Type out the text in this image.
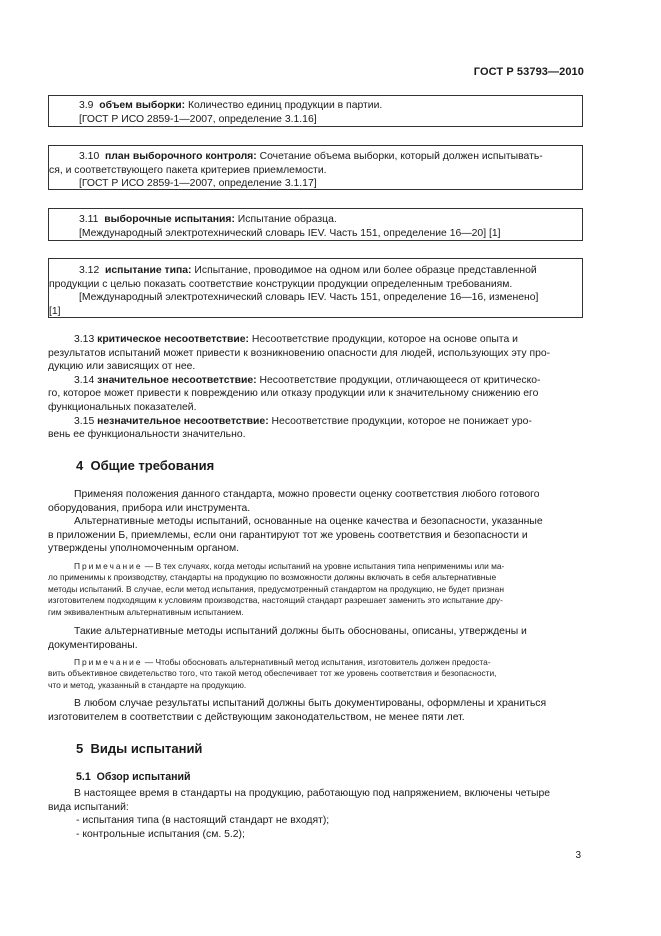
ГОСТ Р 53793—2010

3.9 объем выборки: Количество единиц продукции в партии.

[ГОСТ Р ИСО 2859-1—2007, определение 3.1.16]

3.10 план выборочного контроля: Сочетание объема выборки, который должен испытывать-

ся, и соответствующего пакета критериев приемлемости.

[ГОСТ Р ИСО 2859-1—2007, определение 3.1.17]

3.11 выборочные испытания: Испытание образца.

[Международный электротехнический словарь IEV. Часть 151, определение 16—20] [1]

3.12 испытание типа: Испытание, проводимое на одном или более образце представленной

продукции с целью показать соответствие конструкции продукции определенным требованиям.

[Международный электротехнический словарь IEV. Часть 151, определение 16—16, изменено]

[1]

3.13 критическое несоответствие: Несоответствие продукции, которое на основе опыта и

результатов испытаний может привести к возникновению опасности для людей, использующих эту про-

дукцию или зависящих от нее.

3.14 значительное несоответствие: Несоответствие продукции, отличающееся от критическо-

го, которое может привести к повреждению или отказу продукции или к значительному снижению его

функциональных показателей.

3.15 незначительное несоответствие: Несоответствие продукции, которое не понижает уро-

вень ее функциональности значительно.

4 Общие требования

Применяя положения данного стандарта, можно провести оценку соответствия любого готового

оборудования, прибора или инструмента.

Альтернативные методы испытаний, основанные на оценке качества и безопасности, указанные

в приложении Б, приемлемы, если они гарантируют тот же уровень соответствия и безопасности и

утверждены уполномоченным органом.

Примечание — В тех случаях, когда методы испытаний на уровне испытания типа неприменимы или ма-

ло применимы к производству, стандарты на продукцию по возможности должны включать в себя альтернативные

методы испытаний. В случае, если метод испытания, предусмотренный стандартом на продукцию, не будет признан

изготовителем подходящим к условиям производства, настоящий стандарт разрешает заменить это испытание дру-

гим эквивалентным альтернативным испытанием.

Такие альтернативные методы испытаний должны быть обоснованы, описаны, утверждены и

документированы.

Примечание — Чтобы обосновать альтернативный метод испытания, изготовитель должен предоста-

вить объективное свидетельство того, что такой метод обеспечивает тот же уровень соответствия и безопасности,

что и метод, указанный в стандарте на продукцию.

В любом случае результаты испытаний должны быть документированы, оформлены и храниться

изготовителем в соответствии с действующим законодательством, не менее пяти лет.

5 Виды испытаний
5.1 Обзор испытаний

В настоящее время в стандарты на продукцию, работающую под напряжением, включены четыре

вида испытаний:

- испытания типа (в настоящий стандарт не входят);

- контрольные испытания (см. 5.2);

3
